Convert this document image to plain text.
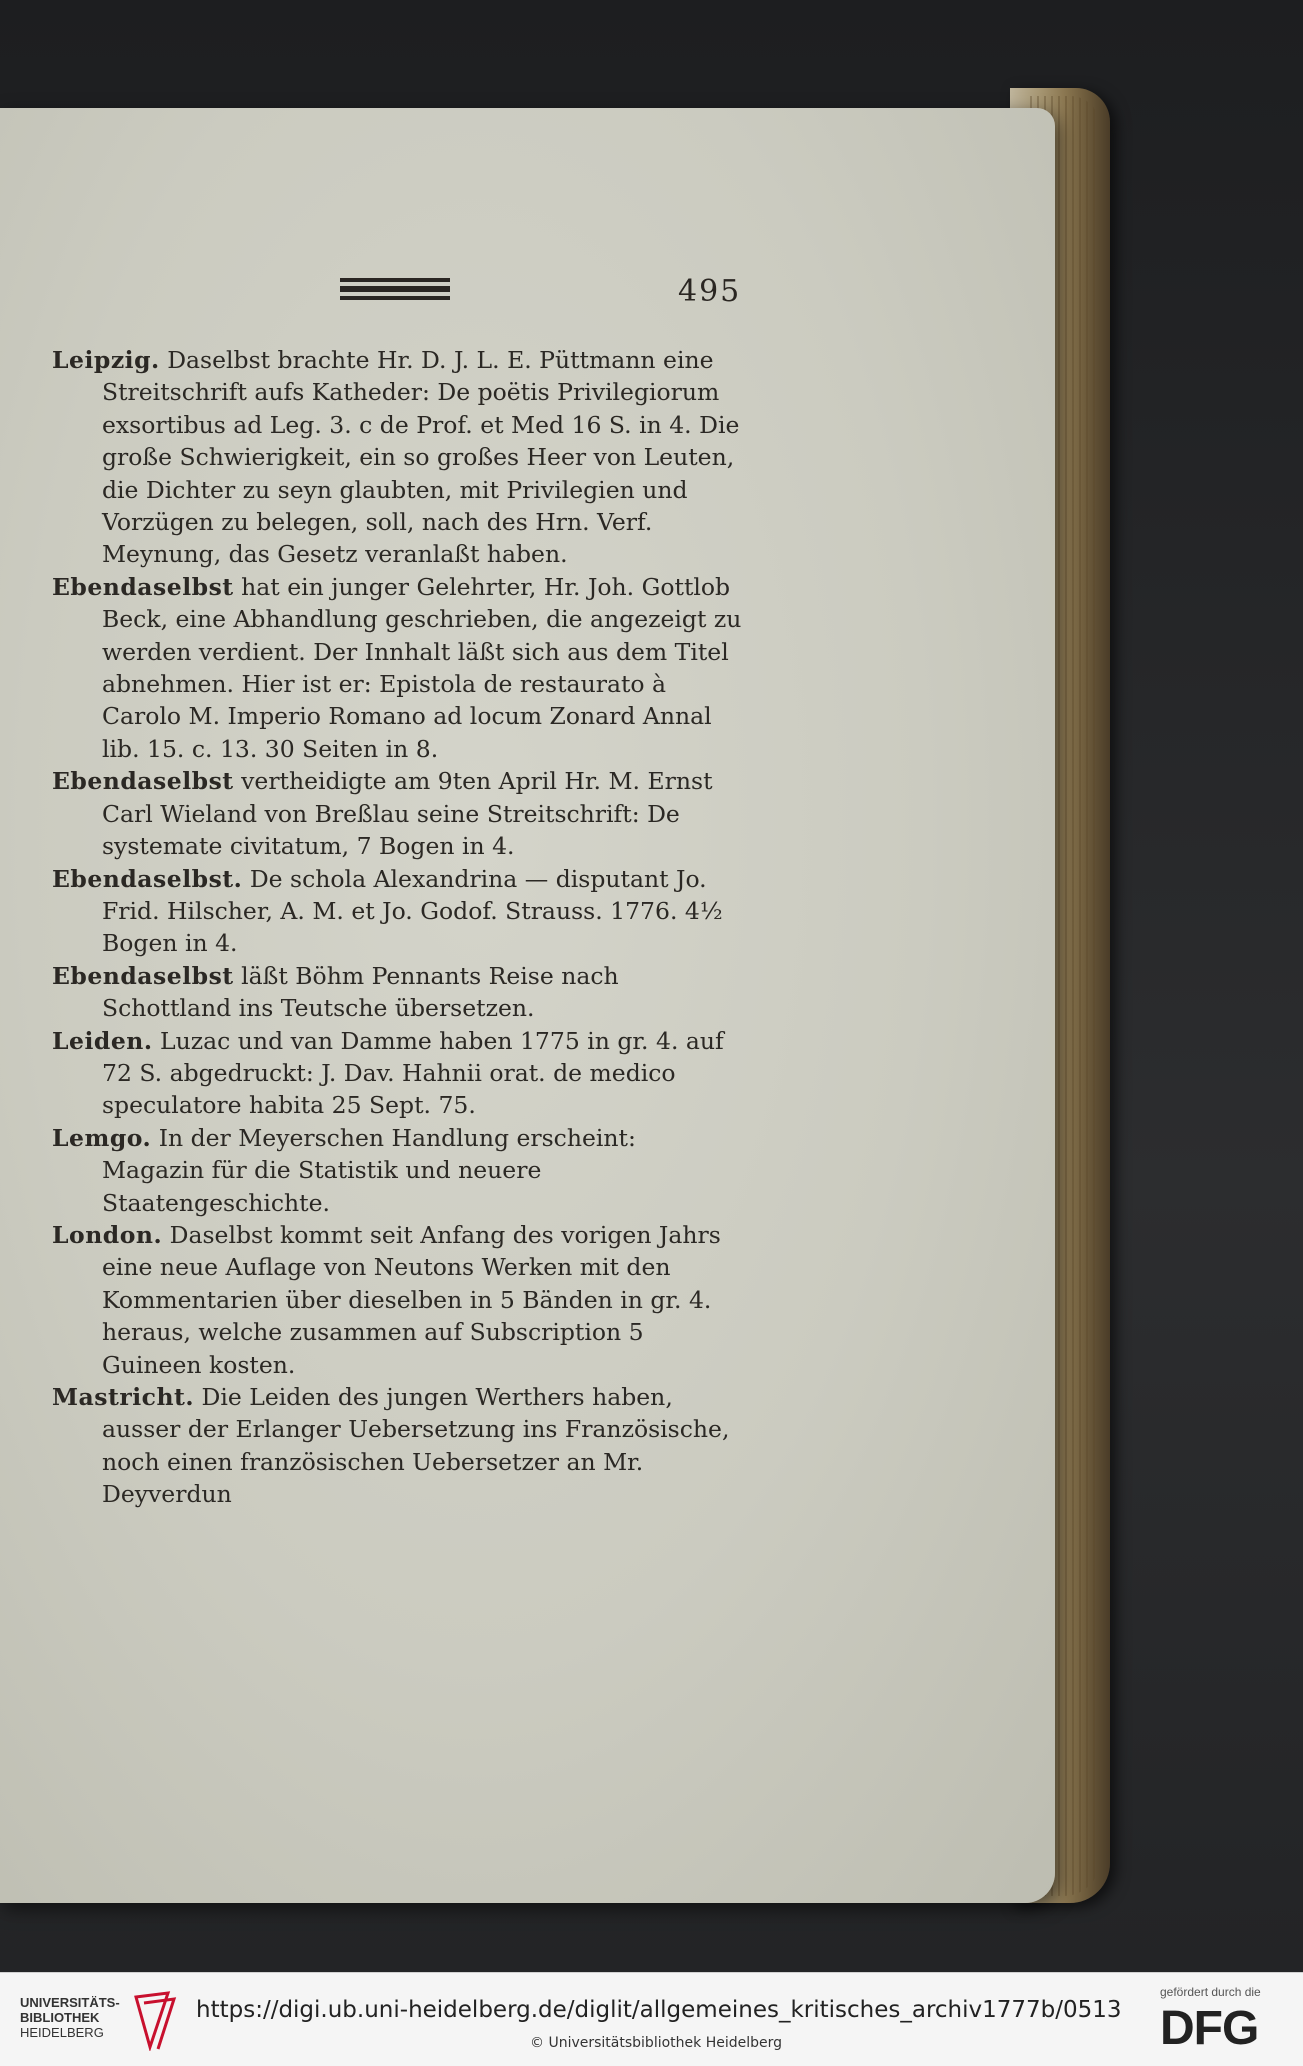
495

Leipzig. Daselbst brachte Hr. D. J. L. E. Püttmann eine Streitschrift aufs Katheder: De poëtis Privilegiorum exsortibus ad Leg. 3. c de Prof. et Med 16 S. in 4. Die große Schwierigkeit, ein so großes Heer von Leuten, die Dichter zu seyn glaubten, mit Privilegien und Vorzügen zu belegen, soll, nach des Hrn. Verf. Meynung, das Gesetz veranlaßt haben.

Ebendaselbst hat ein junger Gelehrter, Hr. Joh. Gottlob Beck, eine Abhandlung geschrieben, die angezeigt zu werden verdient. Der Innhalt läßt sich aus dem Titel abnehmen. Hier ist er: Epistola de restaurato à Carolo M. Imperio Romano ad locum Zonard Annal lib. 15. c. 13. 30 Seiten in 8.

Ebendaselbst vertheidigte am 9ten April Hr. M. Ernst Carl Wieland von Breßlau seine Streitschrift: De systemate civitatum, 7 Bogen in 4.

Ebendaselbst. De schola Alexandrina — disputant Jo. Frid. Hilscher, A. M. et Jo. Godof. Strauss. 1776. 4½ Bogen in 4.

Ebendaselbst läßt Böhm Pennants Reise nach Schottland ins Teutsche übersetzen.

Leiden. Luzac und van Damme haben 1775 in gr. 4. auf 72 S. abgedruckt: J. Dav. Hahnii orat. de medico speculatore habita 25 Sept. 75.

Lemgo. In der Meyerschen Handlung erscheint: Magazin für die Statistik und neuere Staatengeschichte.

London. Daselbst kommt seit Anfang des vorigen Jahrs eine neue Auflage von Neutons Werken mit den Kommentarien über dieselben in 5 Bänden in gr. 4. heraus, welche zusammen auf Subscription 5 Guineen kosten.

Mastricht. Die Leiden des jungen Werthers haben, ausser der Erlanger Uebersetzung ins Französische, noch einen französischen Uebersetzer an Mr. Deyverdun

UNIVERSITÄTS-
BIBLIOTHEK
HEIDELBERG
https://digi.ub.uni-heidelberg.de/diglit/allgemeines_kritisches_archiv1777b/0513
© Universitätsbibliothek Heidelberg
gefördert durch die
DFG
